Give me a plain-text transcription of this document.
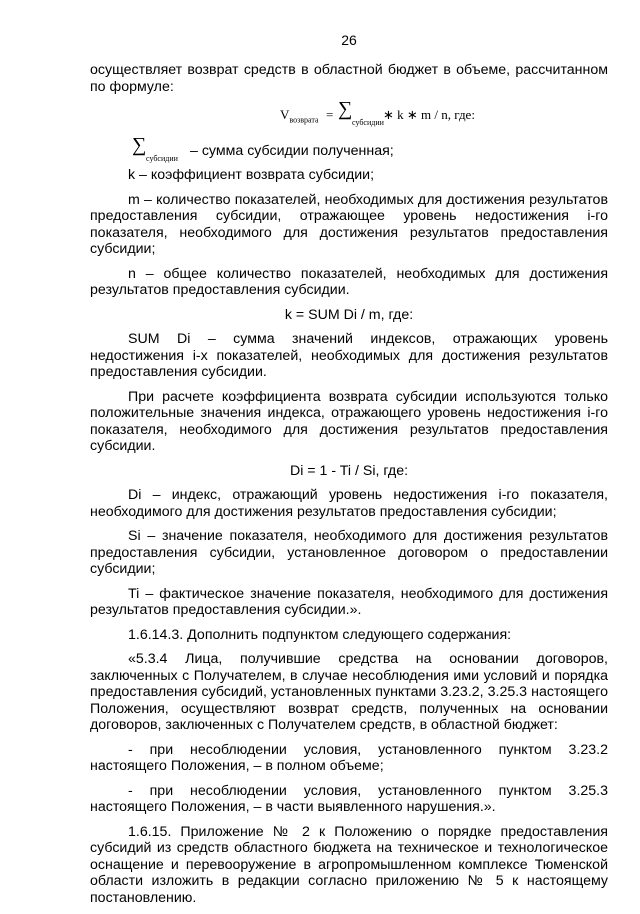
26

осуществляет возврат средств в областной бюджет в объеме, рассчитанном по формуле:

$V_{возврата}$ = ∑
субсидии
∗ k ∗ m / n, где:
∑
субсидии – сумма субсидии полученная;

k – коэффициент возврата субсидии;

m – количество показателей, необходимых для достижения результатов предоставления субсидии, отражающее уровень недостижения i-го показателя, необходимого для достижения результатов предоставления субсидии;

n – общее количество показателей, необходимых для достижения результатов предоставления субсидии.

k = SUM Di / m, где:

SUM Di – сумма значений индексов, отражающих уровень недостижения i-х показателей, необходимых для достижения результатов предоставления субсидии.

При расчете коэффициента возврата субсидии используются только положительные значения индекса, отражающего уровень недостижения i-го показателя, необходимого для достижения результатов предоставления субсидии.

Di = 1 - Ti / Si, где:

Di – индекс, отражающий уровень недостижения i-го показателя, необходимого для достижения результатов предоставления субсидии;

Si – значение показателя, необходимого для достижения результатов предоставления субсидии, установленное договором о предоставлении субсидии;

Ti – фактическое значение показателя, необходимого для достижения результатов предоставления субсидии.».

1.6.14.3. Дополнить подпунктом следующего содержания:

«5.3.4 Лица, получившие средства на основании договоров, заключенных с Получателем, в случае несоблюдения ими условий и порядка предоставления субсидий, установленных пунктами 3.23.2, 3.25.3 настоящего Положения, осуществляют возврат средств, полученных на основании договоров, заключенных с Получателем средств, в областной бюджет:

- при несоблюдении условия, установленного пунктом 3.23.2 настоящего Положения, – в полном объеме;

- при несоблюдении условия, установленного пунктом 3.25.3 настоящего Положения, – в части выявленного нарушения.».

1.6.15. Приложение № 2 к Положению о порядке предоставления субсидий из средств областного бюджета на техническое и технологическое оснащение и перевооружение в агропромышленном комплексе Тюменской области изложить в редакции согласно приложению № 5 к настоящему постановлению.
